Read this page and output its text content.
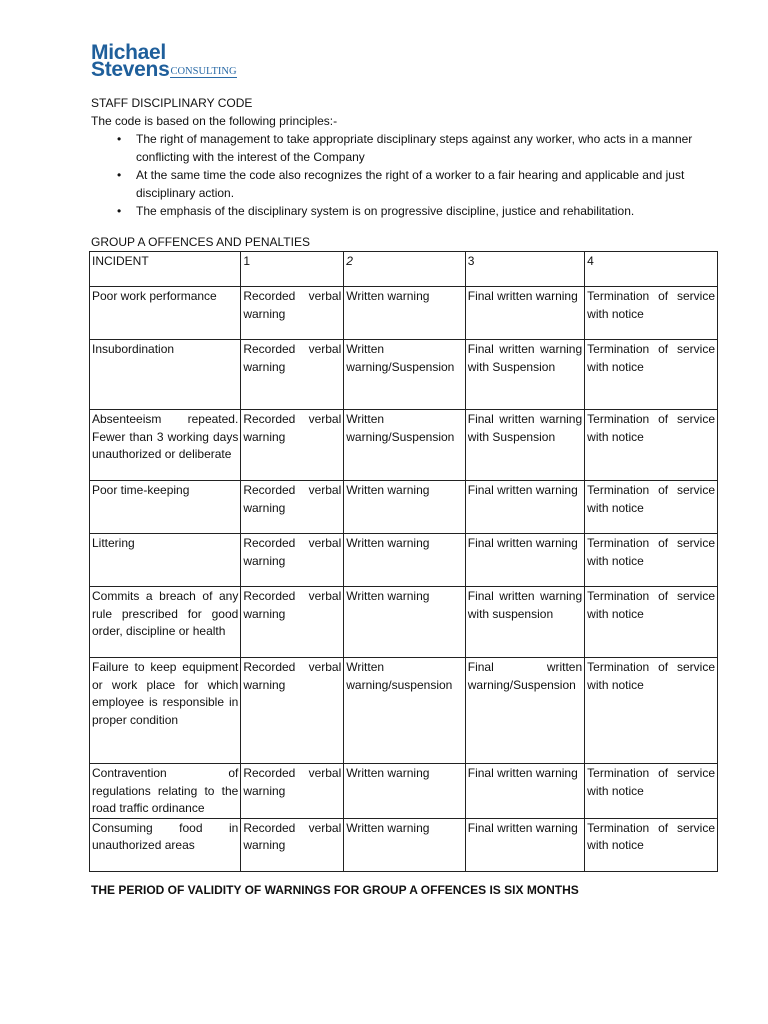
Michael
Stevens CONSULTING
STAFF DISCIPLINARY CODE
The code is based on the following principles:-
• The right of management to take appropriate disciplinary steps against any worker, who acts in a manner conflicting with the interest of the Company
• At the same time the code also recognizes the right of a worker to a fair hearing and applicable and just disciplinary action.
• The emphasis of the disciplinary system is on progressive discipline, justice and rehabilitation.
GROUP A OFFENCES AND PENALTIES
INCIDENT	1	2	3	4
Poor work performance	Recorded verbal warning	Written warning	Final written warning	Termination of service with notice
Insubordination	Recorded verbal warning	Written warning/Suspension	Final written warning with Suspension	Termination of service with notice
Absenteeism repeated. Fewer than 3 working days unauthorized or deliberate	Recorded verbal warning	Written warning/Suspension	Final written warning with Suspension	Termination of service with notice
Poor time-keeping	Recorded verbal warning	Written warning	Final written warning	Termination of service with notice
Littering	Recorded verbal warning	Written warning	Final written warning	Termination of service with notice
Commits a breach of any rule prescribed for good order, discipline or health	Recorded verbal warning	Written warning	Final written warning with suspension	Termination of service with notice
Failure to keep equipment or work place for which employee is responsible in proper condition	Recorded verbal warning	Written warning/suspension	Final written warning/Suspension	Termination of service with notice
Contravention of regulations relating to the road traffic ordinance	Recorded verbal warning	Written warning	Final written warning	Termination of service with notice
Consuming food in unauthorized areas	Recorded verbal warning	Written warning	Final written warning	Termination of service with notice
THE PERIOD OF VALIDITY OF WARNINGS FOR GROUP A OFFENCES IS SIX MONTHS
